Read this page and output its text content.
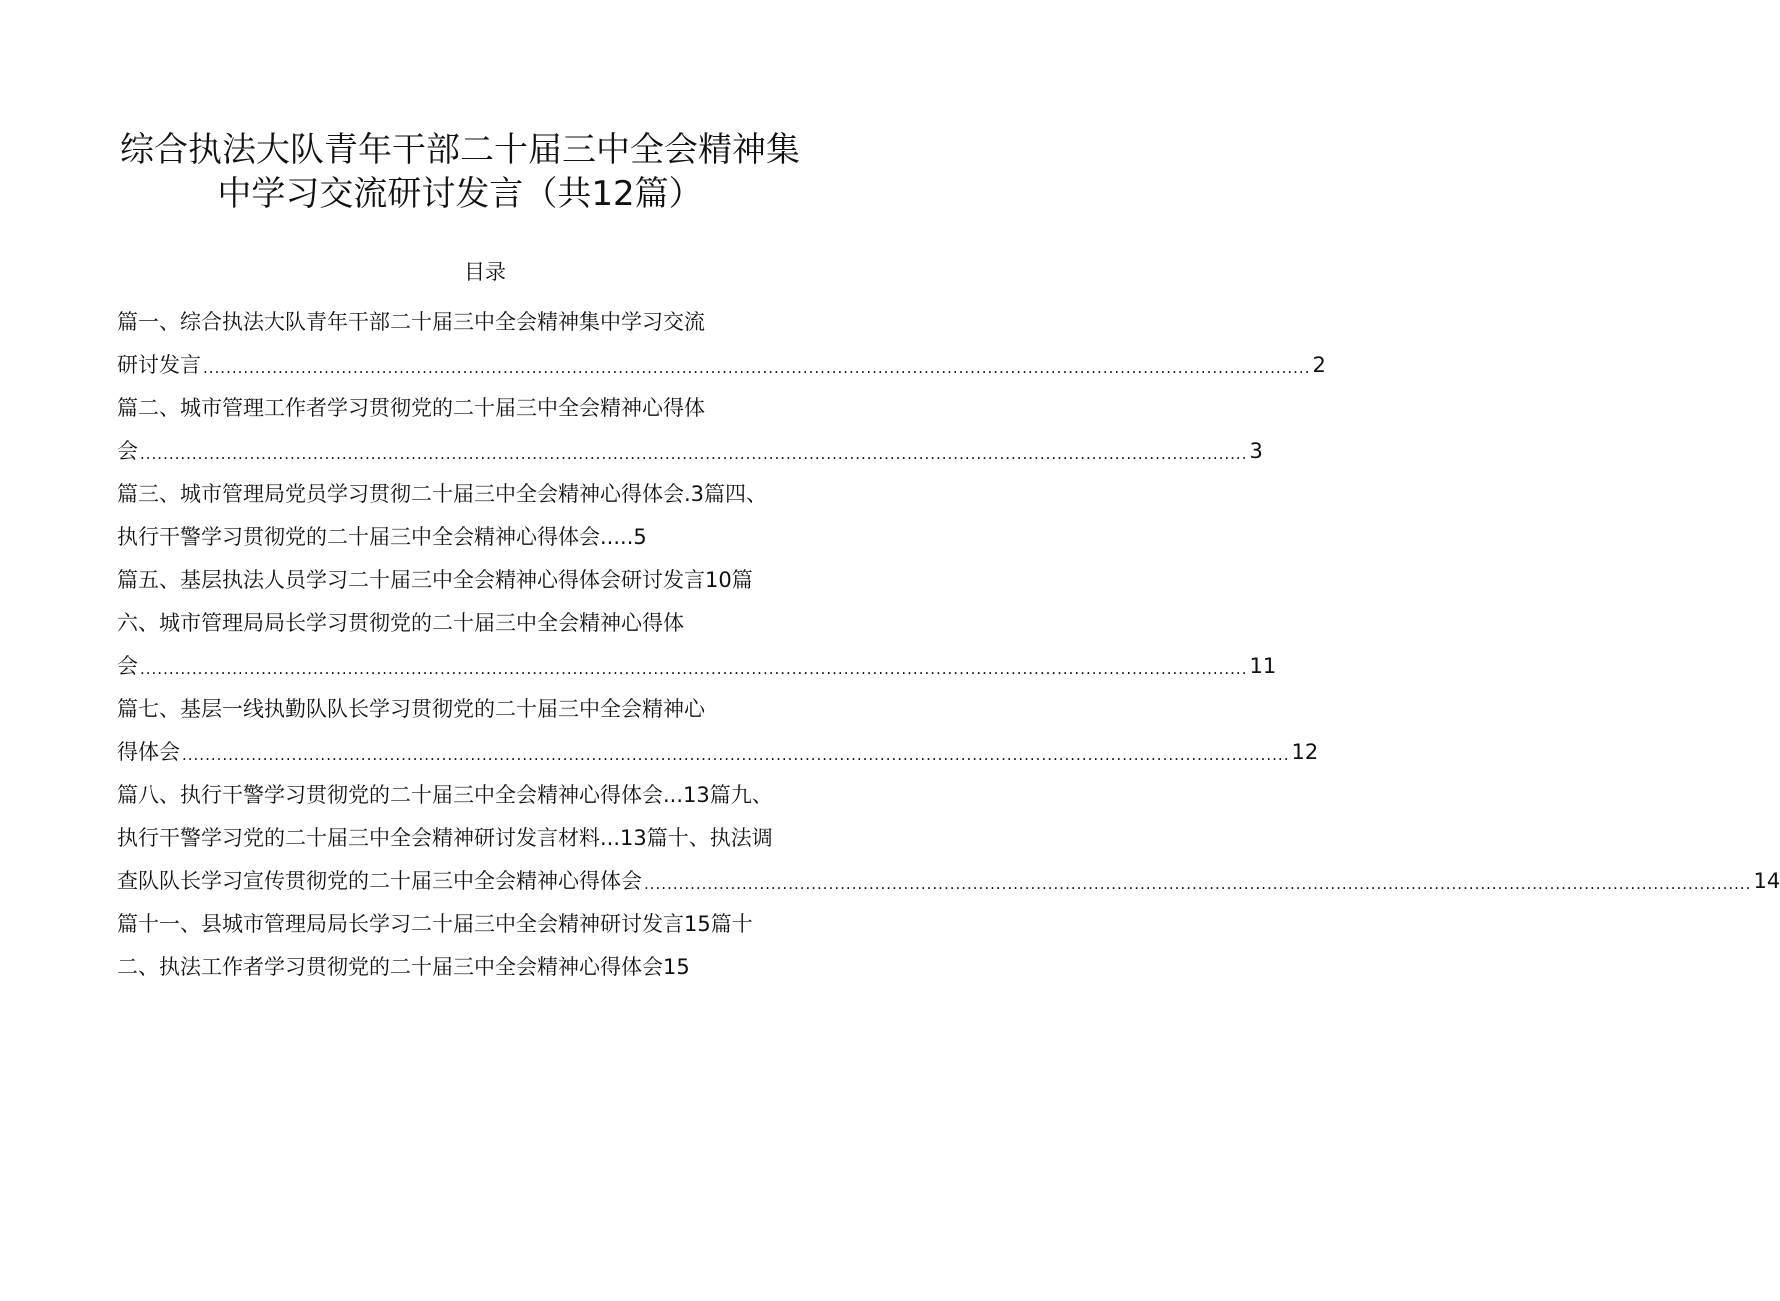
综合执法大队青年干部二十届三中全会精神集
中学习交流研讨发言（共12篇）
目录
篇一、综合执法大队青年干部二十届三中全会精神集中学习交流
研讨发言 ................................................................................................................................................................................................ 2
篇二、城市管理工作者学习贯彻党的二十届三中全会精神心得体
会 ................................................................................................................................................................................................ 3
篇三、城市管理局党员学习贯彻二十届三中全会精神心得体会.3篇四、
执行干警学习贯彻党的二十届三中全会精神心得体会.....5
篇五、基层执法人员学习二十届三中全会精神心得体会研讨发言10篇
六、城市管理局局长学习贯彻党的二十届三中全会精神心得体
会 ................................................................................................................................................................................................ 11
篇七、基层一线执勤队队长学习贯彻党的二十届三中全会精神心
得体会 ................................................................................................................................................................................................ 12
篇八、执行干警学习贯彻党的二十届三中全会精神心得体会...13篇九、
执行干警学习党的二十届三中全会精神研讨发言材料...13篇十、执法调
查队队长学习宣传贯彻党的二十届三中全会精神心得体会 ................................................................................................................................................................................................ 14
篇十一、县城市管理局局长学习二十届三中全会精神研讨发言15篇十
二、执法工作者学习贯彻党的二十届三中全会精神心得体会15
